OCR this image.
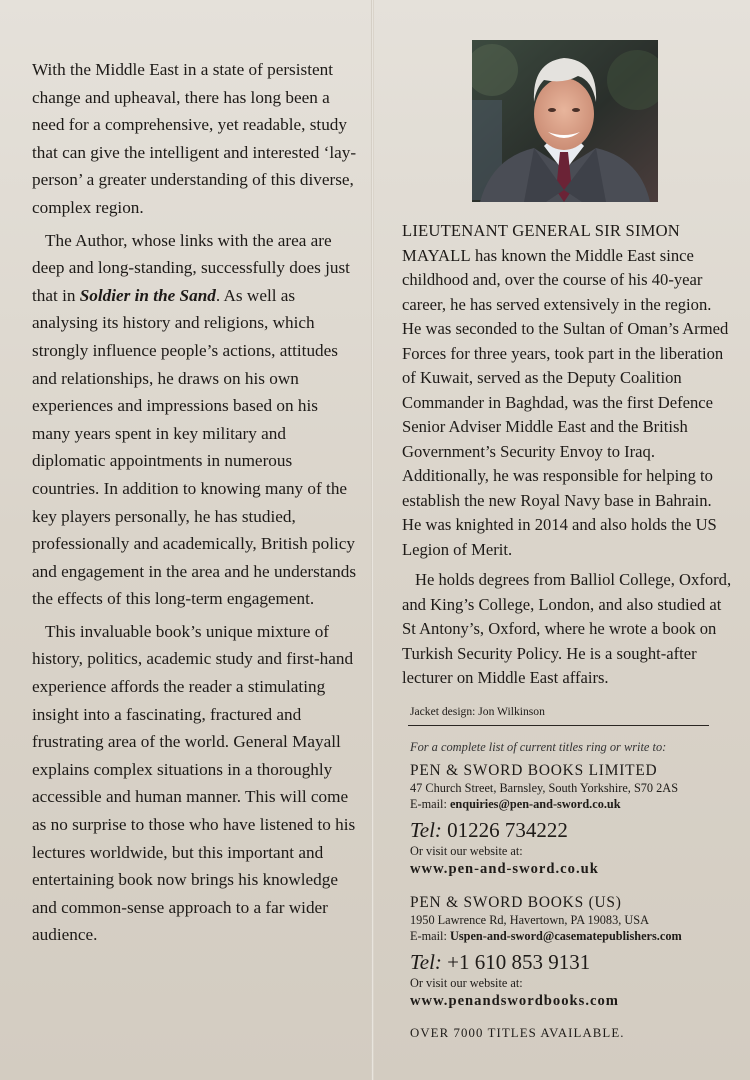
With the Middle East in a state of persistent change and upheaval, there has long been a need for a comprehensive, yet readable, study that can give the intelligent and interested ‘lay-person’ a greater understanding of this diverse, complex region.

The Author, whose links with the area are deep and long-standing, successfully does just that in Soldier in the Sand. As well as analysing its history and religions, which strongly influence people’s actions, attitudes and relationships, he draws on his own experiences and impressions based on his many years spent in key military and diplomatic appointments in numerous countries. In addition to knowing many of the key players personally, he has studied, professionally and academically, British policy and engagement in the area and he understands the effects of this long-term engagement.

This invaluable book’s unique mixture of history, politics, academic study and first-hand experience affords the reader a stimulating insight into a fascinating, fractured and frustrating area of the world. General Mayall explains complex situations in a thoroughly accessible and human manner. This will come as no surprise to those who have listened to his lectures worldwide, but this important and entertaining book now brings his knowledge and common-sense approach to a far wider audience.

LIEUTENANT GENERAL SIR SIMON MAYALL has known the Middle East since childhood and, over the course of his 40-year career, he has served extensively in the region. He was seconded to the Sultan of Oman’s Armed Forces for three years, took part in the liberation of Kuwait, served as the Deputy Coalition Commander in Baghdad, was the first Defence Senior Adviser Middle East and the British Government’s Security Envoy to Iraq. Additionally, he was responsible for helping to establish the new Royal Navy base in Bahrain. He was knighted in 2014 and also holds the US Legion of Merit.

He holds degrees from Balliol College, Oxford, and King’s College, London, and also studied at St Antony’s, Oxford, where he wrote a book on Turkish Security Policy. He is a sought-after lecturer on Middle East affairs.

Jacket design: Jon Wilkinson
For a complete list of current titles ring or write to:
PEN & SWORD BOOKS LIMITED
47 Church Street, Barnsley, South Yorkshire, S70 2AS
E-mail: enquiries@pen-and-sword.co.uk
Tel: 01226 734222
Or visit our website at:
www.pen-and-sword.co.uk
PEN & SWORD BOOKS (US)
1950 Lawrence Rd, Havertown, PA 19083, USA
E-mail: Uspen-and-sword@casematepublishers.com
Tel: +1 610 853 9131
Or visit our website at:
www.penandswordbooks.com
OVER 7000 TITLES AVAILABLE.
